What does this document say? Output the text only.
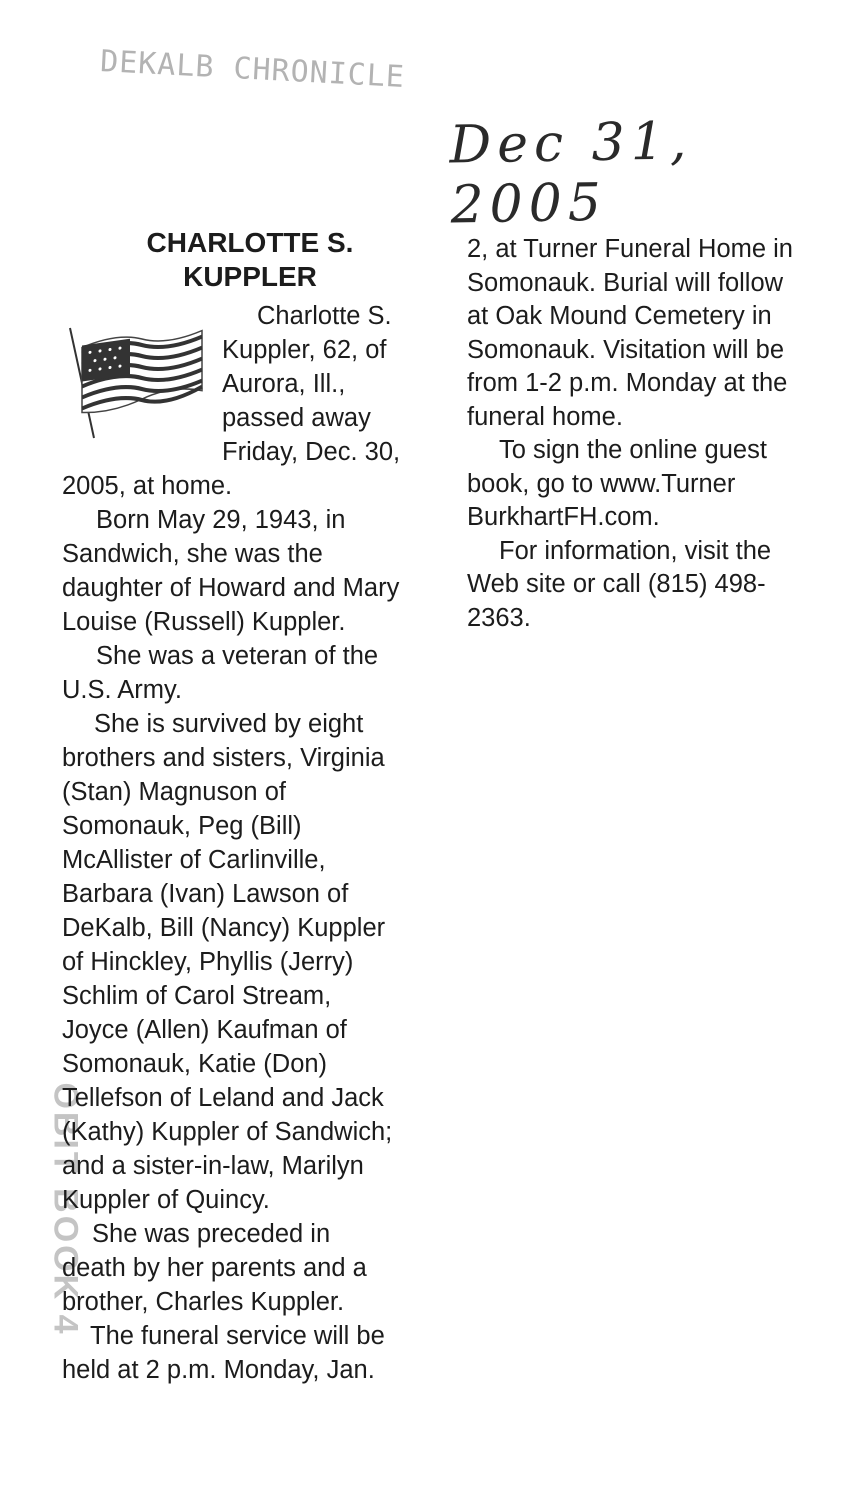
DEKALB CHRONICLE
Dec 31, 2005
OBIT BOOK 4
CHARLOTTE S.
KUPPLER
Charlotte S.
Kuppler, 62, of
Aurora, Ill.,
passed away
Friday, Dec. 30,
2005, at home.
Born May 29, 1943, in
Sandwich, she was the
daughter of Howard and Mary
Louise (Russell) Kuppler.
She was a veteran of the
U.S. Army.
She is survived by eight
brothers and sisters, Virginia
(Stan) Magnuson of
Somonauk, Peg (Bill)
McAllister of Carlinville,
Barbara (Ivan) Lawson of
DeKalb, Bill (Nancy) Kuppler
of Hinckley, Phyllis (Jerry)
Schlim of Carol Stream,
Joyce (Allen) Kaufman of
Somonauk, Katie (Don)
Tellefson of Leland and Jack
(Kathy) Kuppler of Sandwich;
and a sister-in-law, Marilyn
Kuppler of Quincy.
She was preceded in
death by her parents and a
brother, Charles Kuppler.
The funeral service will be
held at 2 p.m. Monday, Jan.
2, at Turner Funeral Home in
Somonauk. Burial will follow
at Oak Mound Cemetery in
Somonauk. Visitation will be
from 1-2 p.m. Monday at the
funeral home.
To sign the online guest
book, go to www.Turner
BurkhartFH.com.
For information, visit the
Web site or call (815) 498-
2363.
